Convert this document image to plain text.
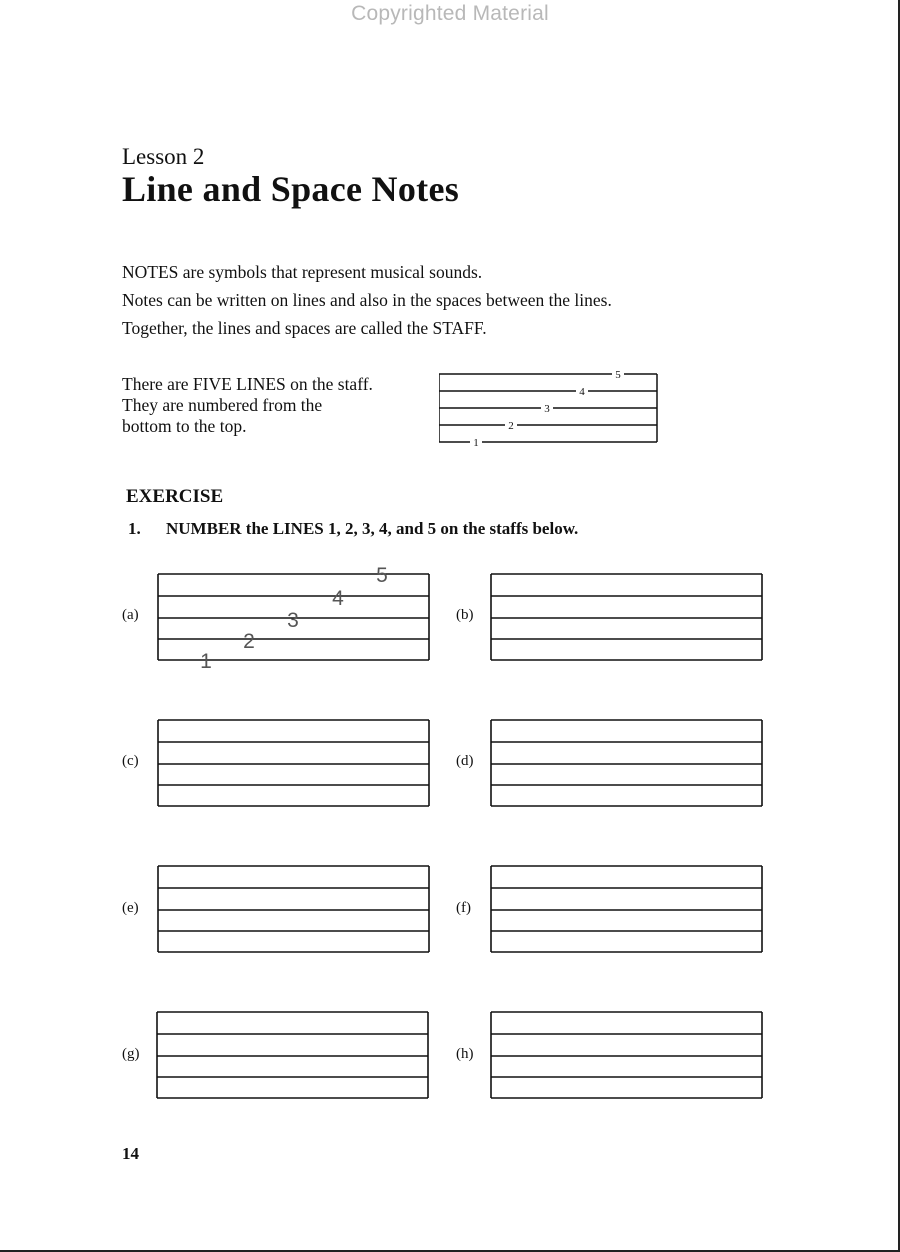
Copyrighted Material
Lesson 2
Line and Space Notes

NOTES are symbols that represent musical sounds.

Notes can be written on lines and also in the spaces between the lines.

Together, the lines and spaces are called the STAFF.

There are FIVE LINES on the staff.

They are numbered from the

bottom to the top.

1
2
3
4
5
EXERCISE
1. NUMBER the LINES 1, 2, 3, 4, and 5 on the staffs below.
(a)
1
2
3
4
5
(b)
(c)	(d)
(e)	(f)
(g)	(h)
14
